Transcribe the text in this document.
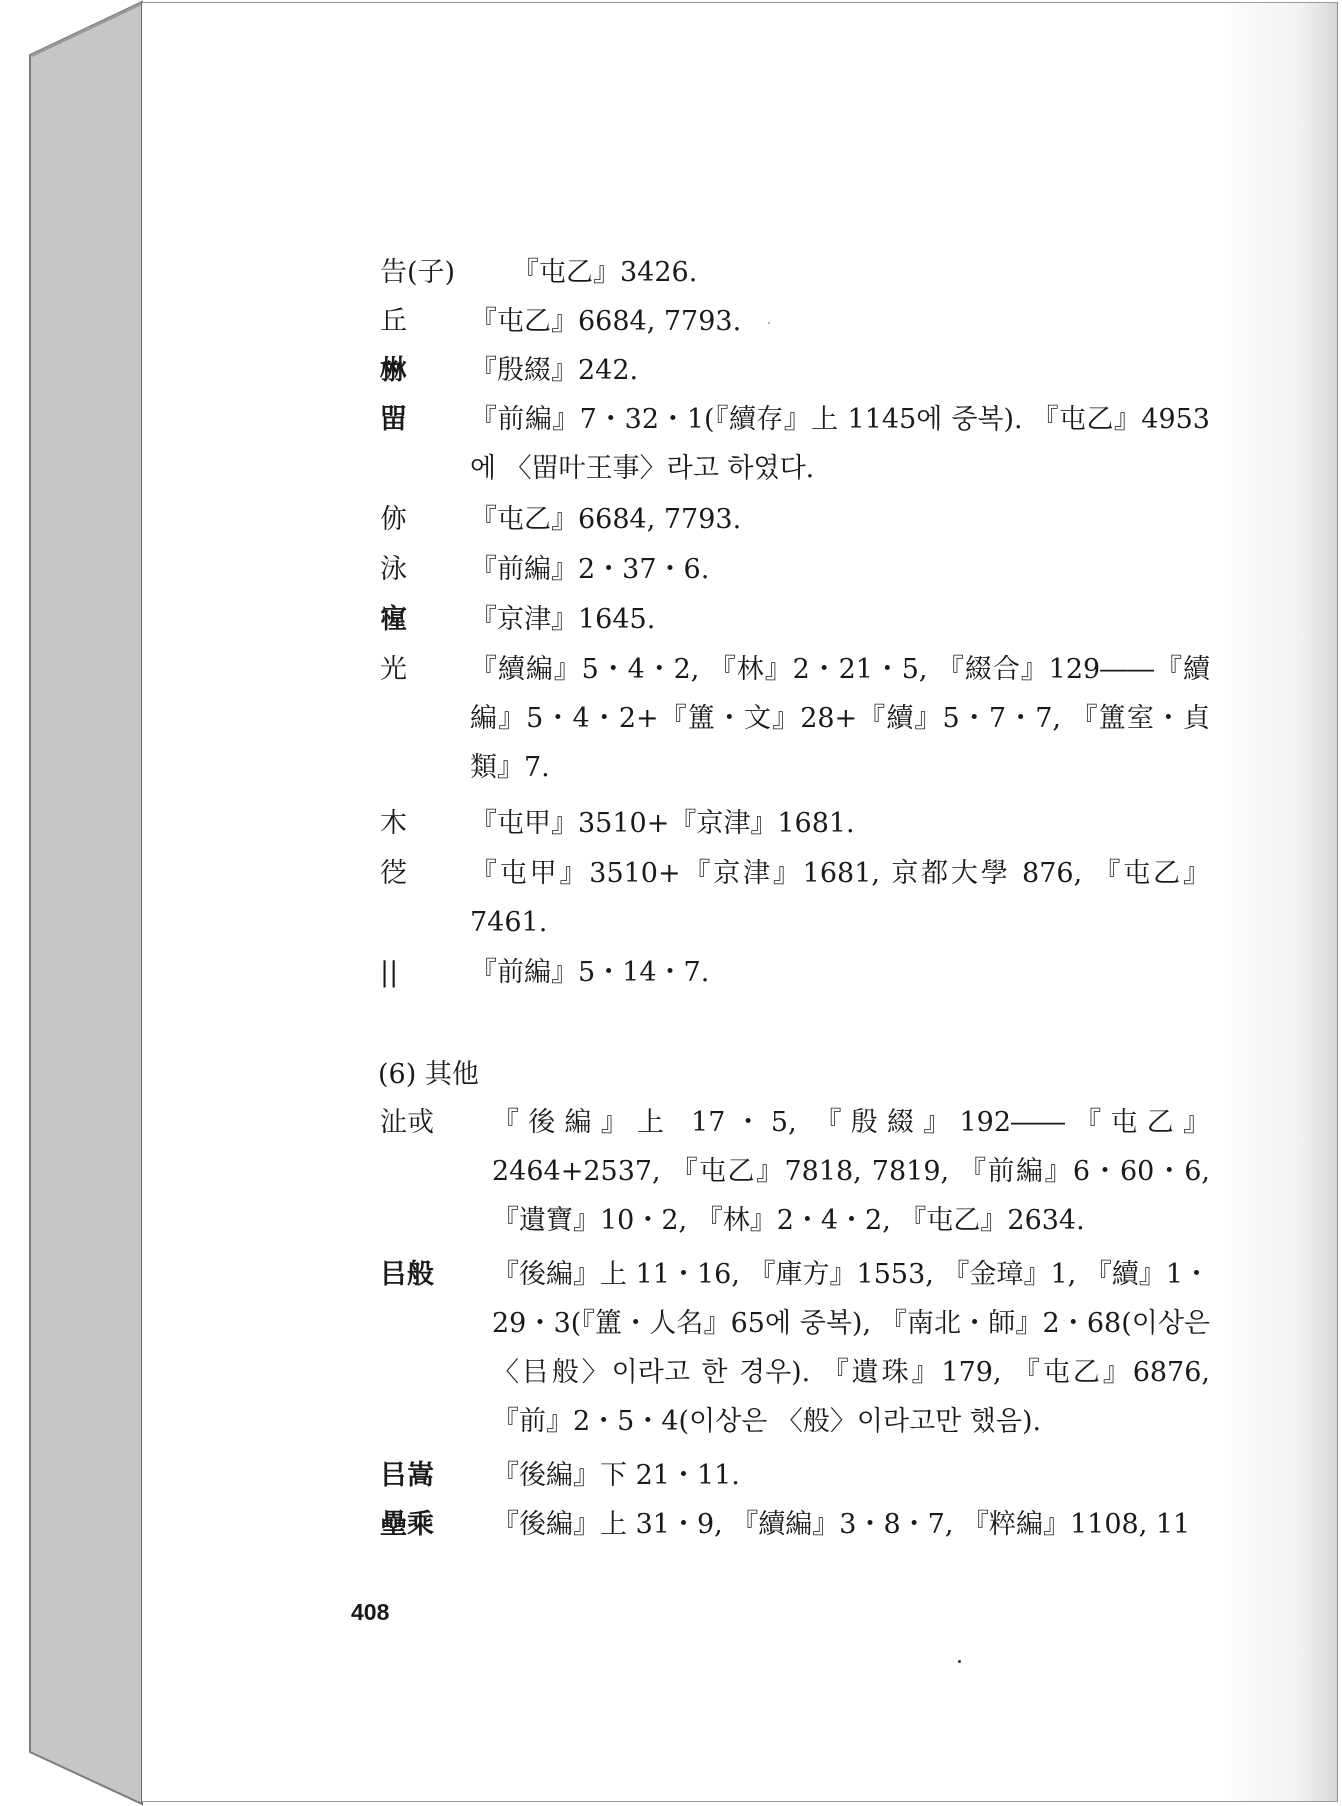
告(子) 『屯乙』3426.
丘 『屯乙』6684, 7793.
㴇 『殷綴』242.
㽞 『前編』7・32・1(『續存』上 1145에 중복). 『屯乙』4953에 〈㽞叶王事〉라고 하였다.
㑊 『屯乙』6684, 7793.
泳 『前編』2・37・6.
㝭 『京津』1645.
光 『續編』5・4・2, 『林』2・21・5, 『綴合』129――『續編』5・4・2+『簠・文』28+『續』5・7・7, 『簠室・貞類』7.
木 『屯甲』3510+『京津』1681.
徔 『屯甲』3510+『京津』1681, 京都大學 876, 『屯乙』7461.
||	『前編』5・14・7.
(6) 其他
沚戓 『後編』上 17・5, 『殷綴』192――『屯乙』2464+2537, 『屯乙』7818, 7819, 『前編』6・60・6, 『遺寶』10・2, 『林』2・4・2, 『屯乙』2634.
㠯般 『後編』上 11・16, 『庫方』1553, 『金璋』1, 『續』1・29・3(『簠・人名』65에 중복), 『南北・師』2・68(이상은 〈㠯般〉이라고 한 경우). 『遺珠』179, 『屯乙』6876, 『前』2・5・4(이상은 〈般〉이라고만 했음).
㠯嵩 『後編』下 21・11.
壘乘 『後編』上 31・9, 『續編』3・8・7, 『粹編』1108, 11
408
